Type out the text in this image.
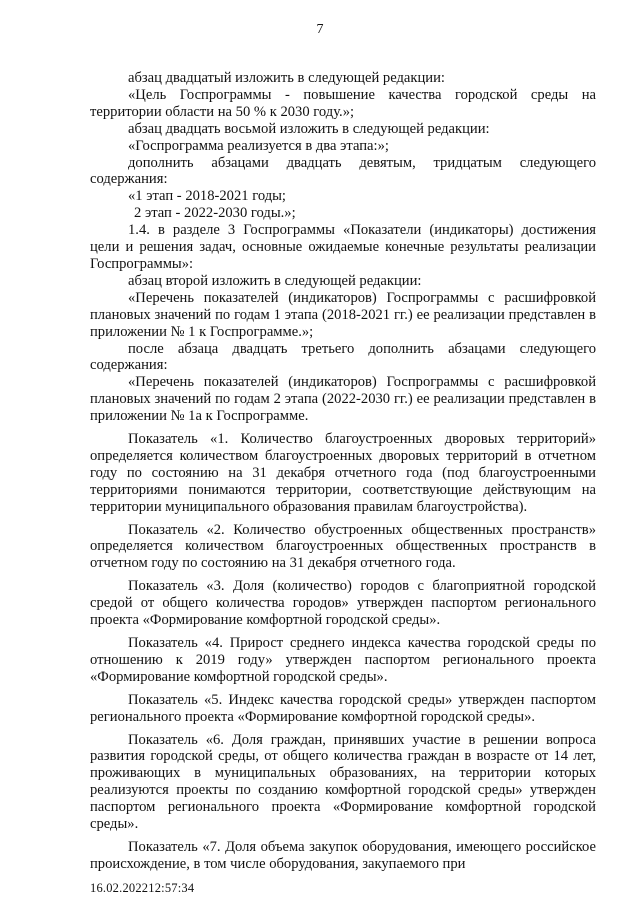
7

абзац двадцатый изложить в следующей редакции:

«Цель Госпрограммы - повышение качества городской среды на территории области на 50 % к 2030 году.»;

абзац двадцать восьмой изложить в следующей редакции:

«Госпрограмма реализуется в два этапа:»;

дополнить абзацами двадцать девятым, тридцатым следующего содержания:

«1 этап - 2018-2021 годы;

2 этап - 2022-2030 годы.»;

1.4. в разделе 3 Госпрограммы «Показатели (индикаторы) достижения цели и решения задач, основные ожидаемые конечные результаты реализации Госпрограммы»:

абзац второй изложить в следующей редакции:

«Перечень показателей (индикаторов) Госпрограммы с расшифровкой плановых значений по годам 1 этапа (2018-2021 гг.) ее реализации представлен в приложении № 1 к Госпрограмме.»;

после абзаца двадцать третьего дополнить абзацами следующего содержания:

«Перечень показателей (индикаторов) Госпрограммы с расшифровкой плановых значений по годам 2 этапа (2022-2030 гг.) ее реализации представлен в приложении № 1а к Госпрограмме.

Показатель «1. Количество благоустроенных дворовых территорий» определяется количеством благоустроенных дворовых территорий в отчетном году по состоянию на 31 декабря отчетного года (под благоустроенными территориями понимаются территории, соответствующие действующим на территории муниципального образования правилам благоустройства).

Показатель «2. Количество обустроенных общественных пространств» определяется количеством благоустроенных общественных пространств в отчетном году по состоянию на 31 декабря отчетного года.

Показатель «3. Доля (количество) городов с благоприятной городской средой от общего количества городов» утвержден паспортом регионального проекта «Формирование комфортной городской среды».

Показатель «4. Прирост среднего индекса качества городской среды по отношению к 2019 году» утвержден паспортом регионального проекта «Формирование комфортной городской среды».

Показатель «5. Индекс качества городской среды» утвержден паспортом регионального проекта «Формирование комфортной городской среды».

Показатель «6. Доля граждан, принявших участие в решении вопроса развития городской среды, от общего количества граждан в возрасте от 14 лет, проживающих в муниципальных образованиях, на территории которых реализуются проекты по созданию комфортной городской среды» утвержден паспортом регионального проекта «Формирование комфортной городской среды».

Показатель «7. Доля объема закупок оборудования, имеющего российское происхождение, в том числе оборудования, закупаемого при

16.02.202212:57:34
